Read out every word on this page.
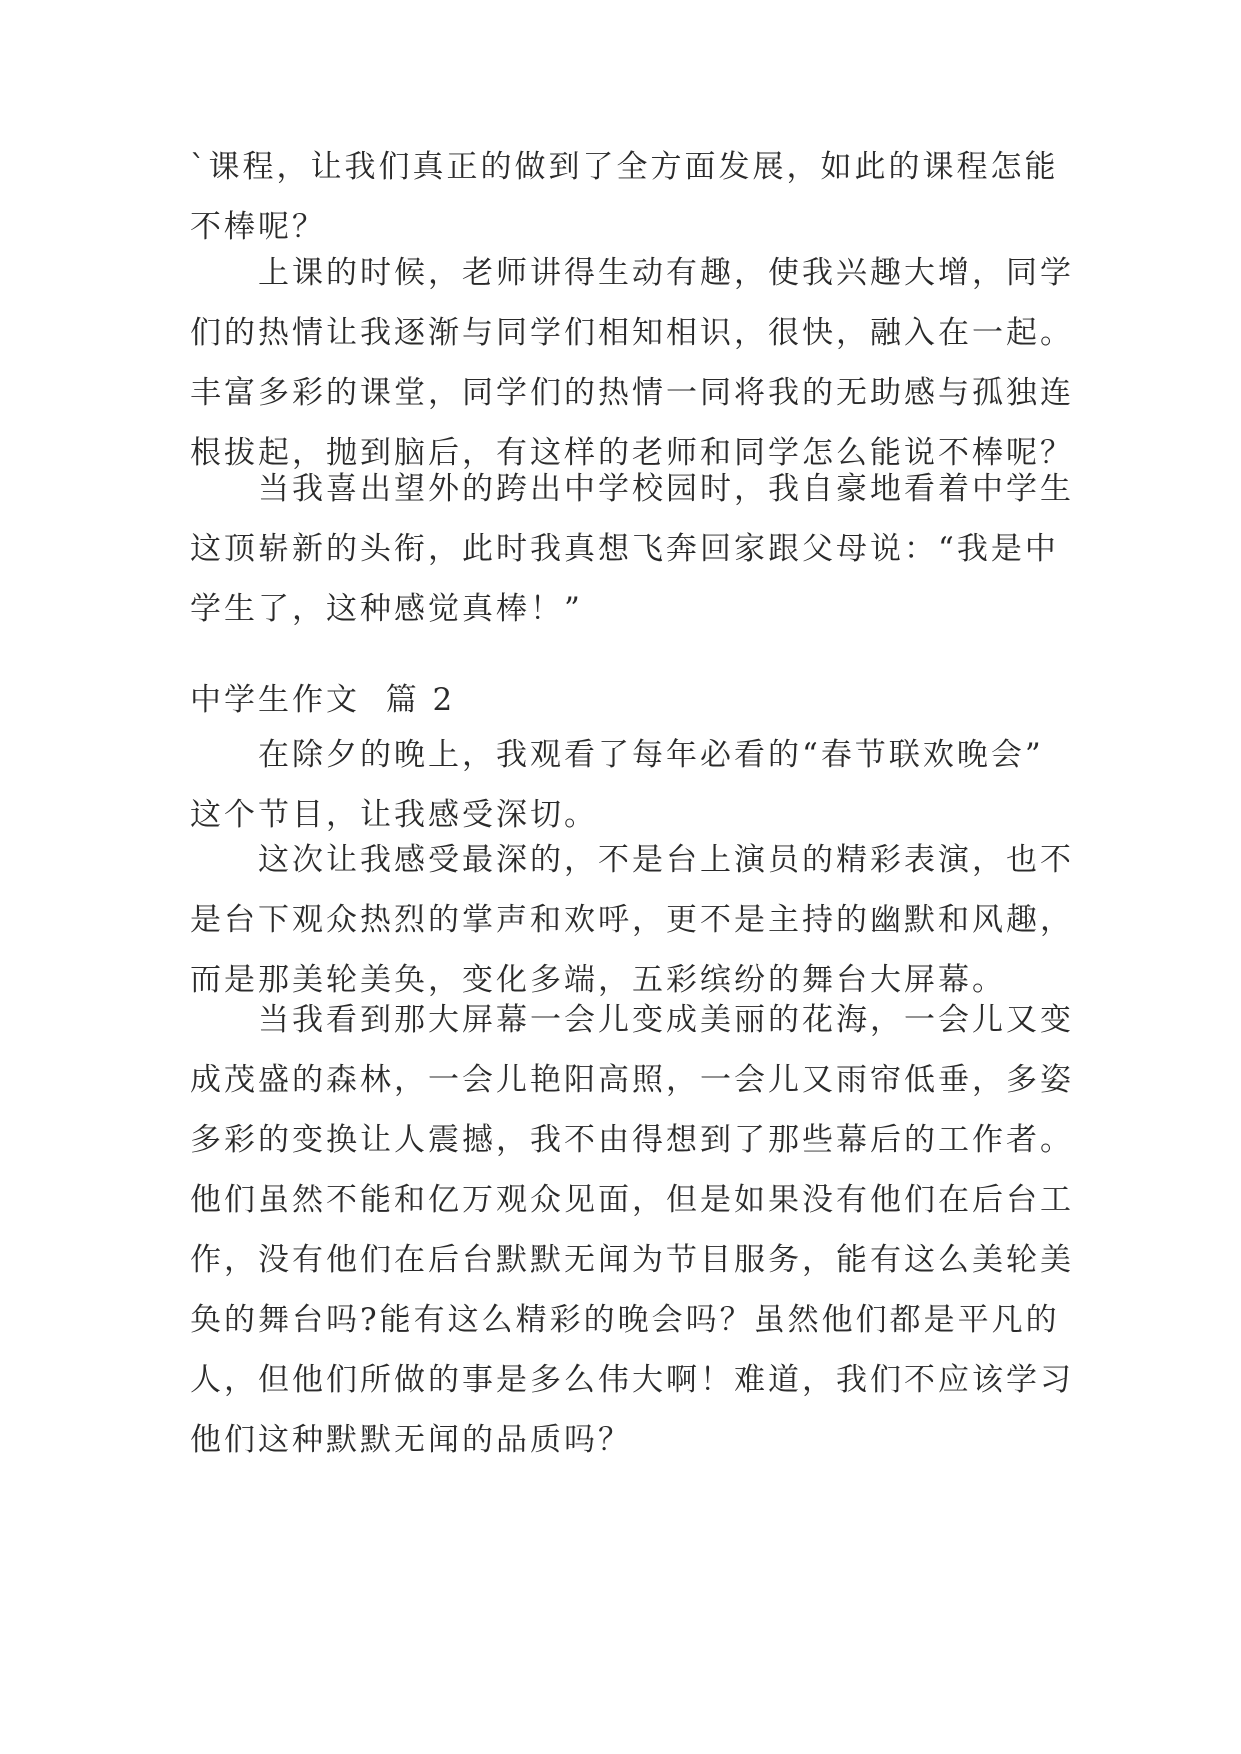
`课程，让我们真正的做到了全方面发展，如此的课程怎能
不棒呢？
上课的时候，老师讲得生动有趣，使我兴趣大增，同学
们的热情让我逐渐与同学们相知相识，很快，融入在一起。
丰富多彩的课堂，同学们的热情一同将我的无助感与孤独连
根拔起，抛到脑后，有这样的老师和同学怎么能说不棒呢？
当我喜出望外的跨出中学校园时，我自豪地看着中学生
这顶崭新的头衔，此时我真想飞奔回家跟父母说：“我是中
学生了，这种感觉真棒！”
中学生作文  篇 2
在除夕的晚上，我观看了每年必看的“春节联欢晚会”
这个节目，让我感受深切。
这次让我感受最深的，不是台上演员的精彩表演，也不
是台下观众热烈的掌声和欢呼，更不是主持的幽默和风趣，
而是那美轮美奂，变化多端，五彩缤纷的舞台大屏幕。
当我看到那大屏幕一会儿变成美丽的花海，一会儿又变
成茂盛的森林，一会儿艳阳高照，一会儿又雨帘低垂，多姿
多彩的变换让人震撼，我不由得想到了那些幕后的工作者。
他们虽然不能和亿万观众见面，但是如果没有他们在后台工
作，没有他们在后台默默无闻为节目服务，能有这么美轮美
奂的舞台吗?能有这么精彩的晚会吗？虽然他们都是平凡的
人，但他们所做的事是多么伟大啊！难道，我们不应该学习
他们这种默默无闻的品质吗？
